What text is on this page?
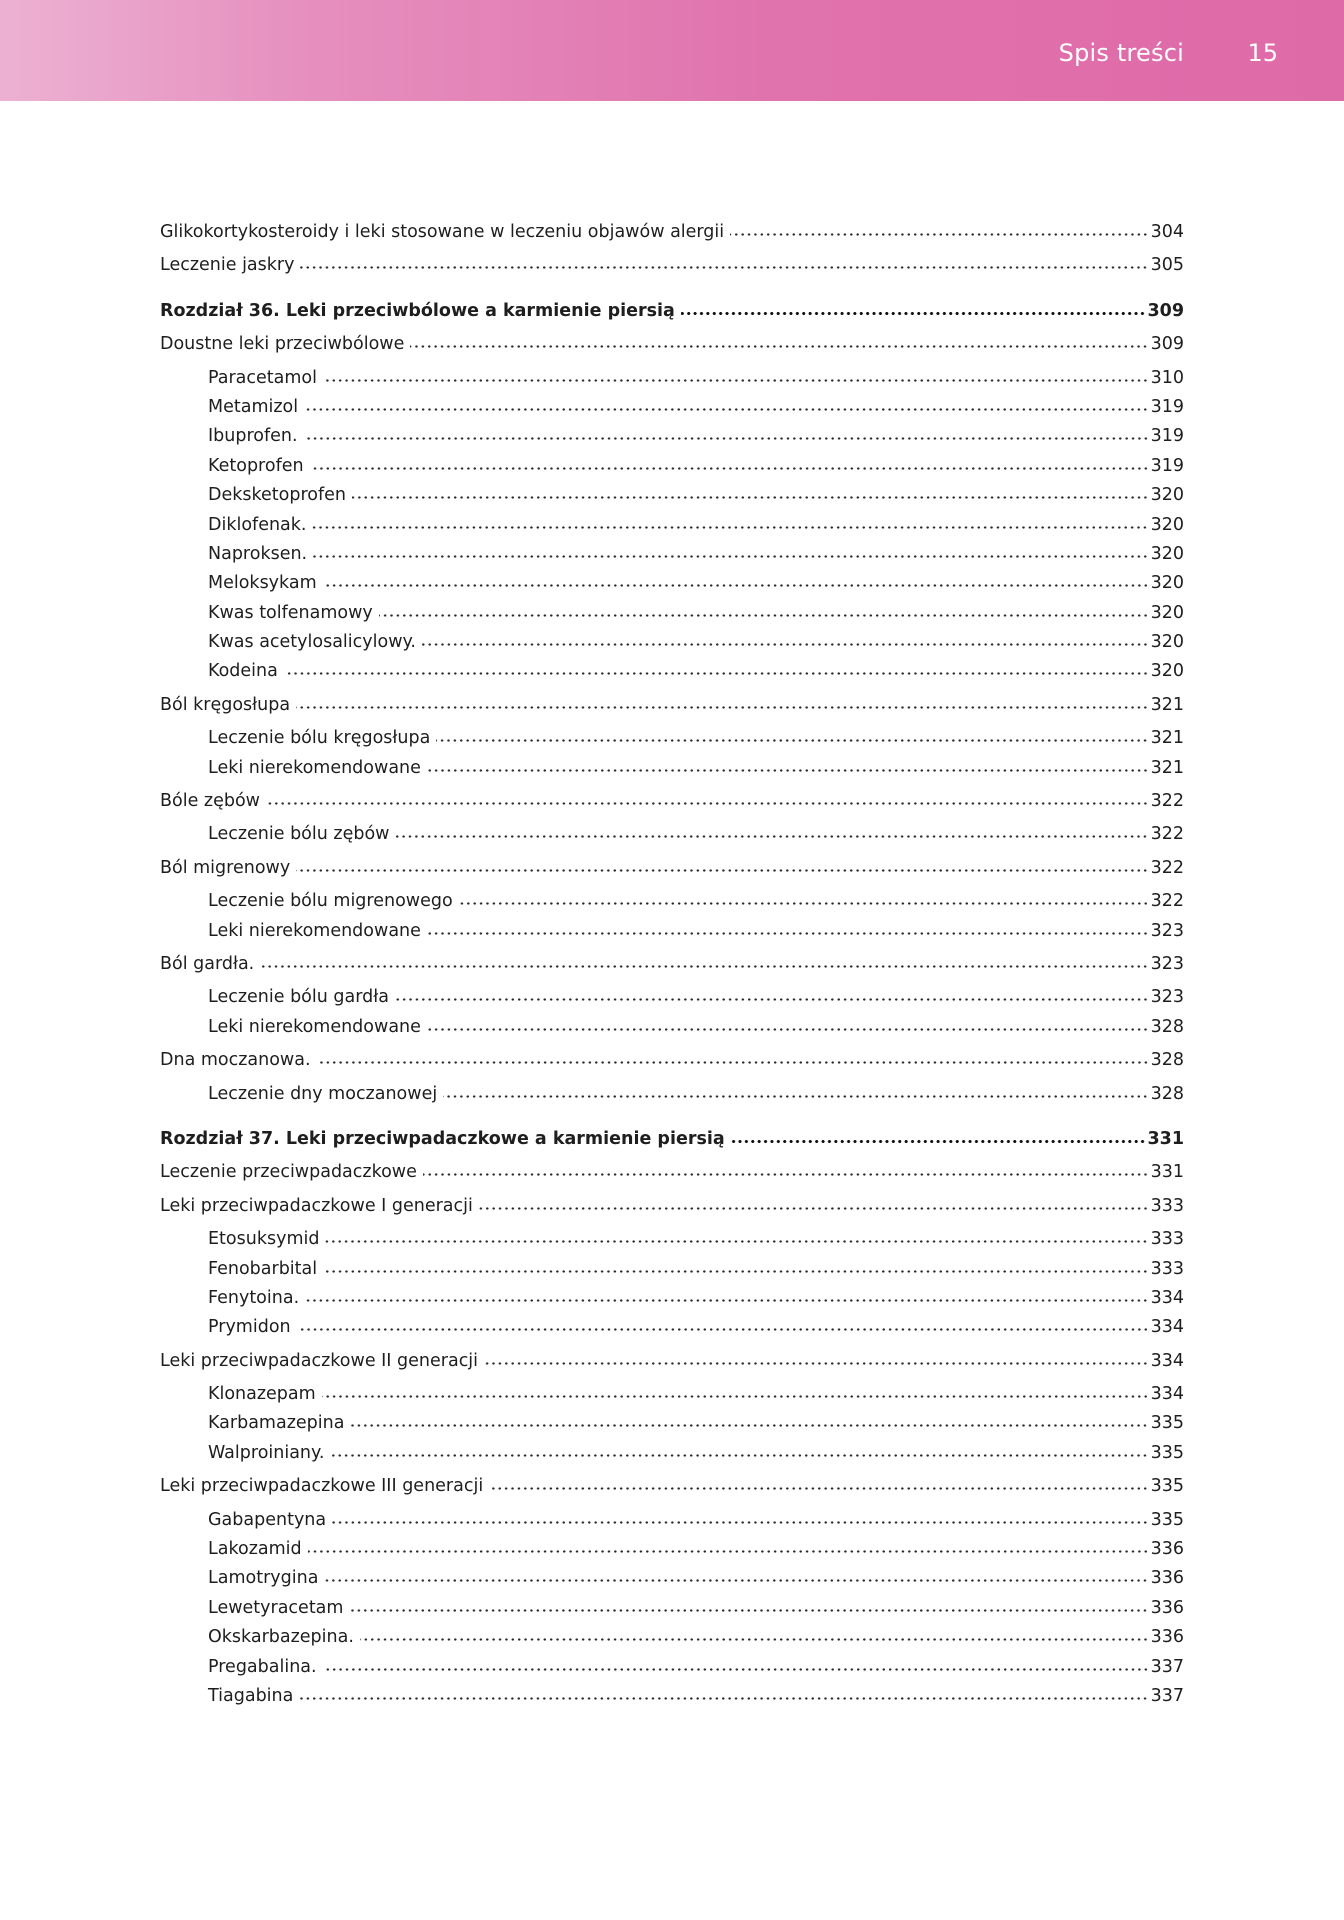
Spis treści	15
Glikokortykosteroidy i leki stosowane w leczeniu objawów alergii	304
Leczenie jaskry	305
Rozdział 36. Leki przeciwbólowe a karmienie piersią	309
Doustne leki przeciwbólowe	309
Paracetamol	310
Metamizol	319
Ibuprofen.	319
Ketoprofen	319
Deksketoprofen	320
Diklofenak.	320
Naproksen.	320
Meloksykam	320
Kwas tolfenamowy	320
Kwas acetylosalicylowy.	320
Kodeina	320
Ból kręgosłupa	321
Leczenie bólu kręgosłupa	321
Leki nierekomendowane	321
Bóle zębów	322
Leczenie bólu zębów	322
Ból migrenowy	322
Leczenie bólu migrenowego	322
Leki nierekomendowane	323
Ból gardła.	323
Leczenie bólu gardła	323
Leki nierekomendowane	328
Dna moczanowa.	328
Leczenie dny moczanowej	328
Rozdział 37. Leki przeciwpadaczkowe a karmienie piersią	331
Leczenie przeciwpadaczkowe	331
Leki przeciwpadaczkowe I generacji	333
Etosuksymid	333
Fenobarbital	333
Fenytoina.	334
Prymidon	334
Leki przeciwpadaczkowe II generacji	334
Klonazepam	334
Karbamazepina	335
Walproiniany.	335
Leki przeciwpadaczkowe III generacji	335
Gabapentyna	335
Lakozamid	336
Lamotrygina	336
Lewetyracetam	336
Okskarbazepina.	336
Pregabalina.	337
Tiagabina	337
